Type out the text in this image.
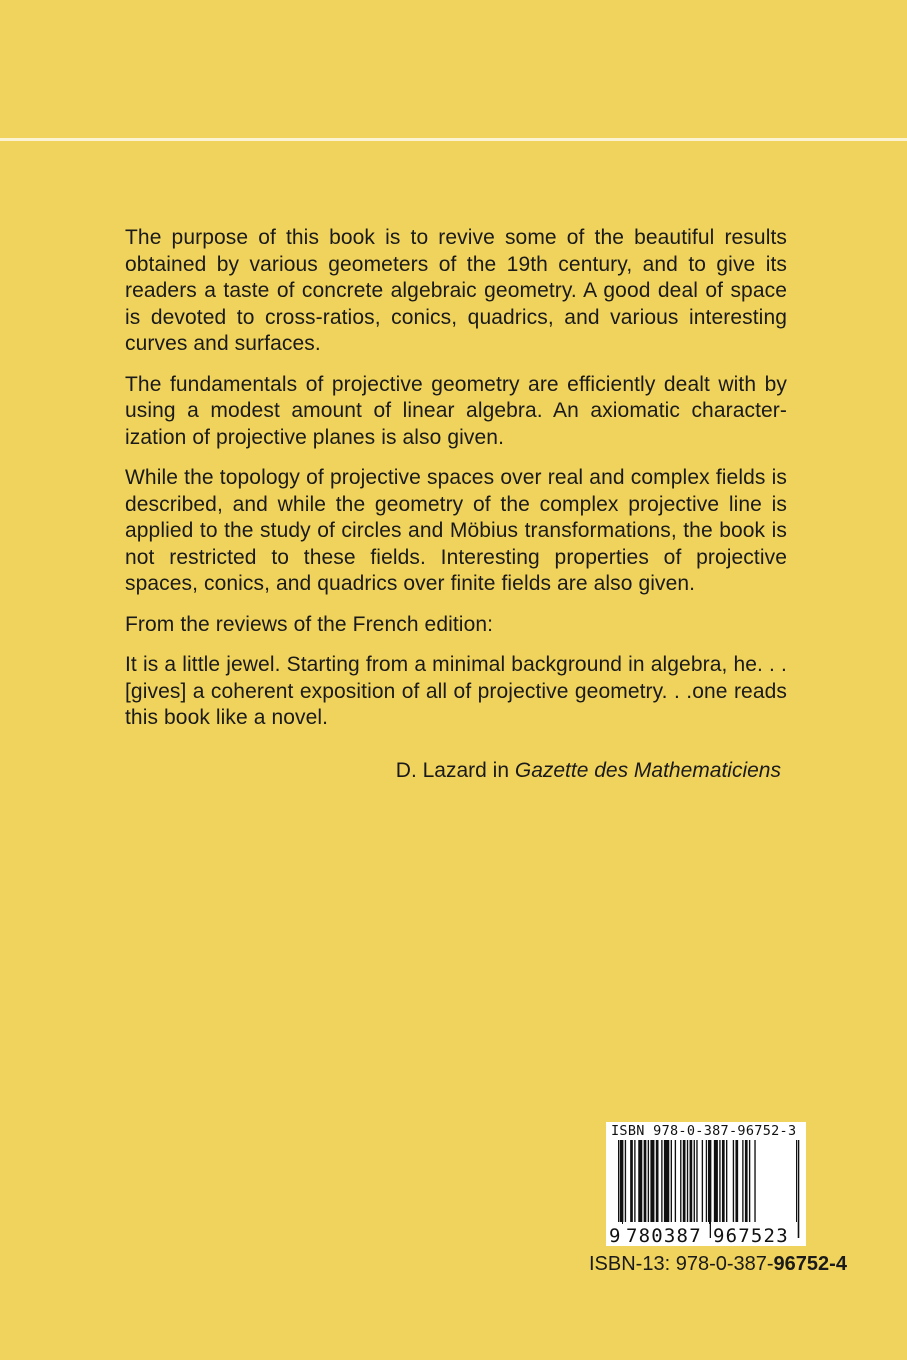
The purpose of this book is to revive some of the beautiful results obtained by various geometers of the 19th century, and to give its readers a taste of concrete algebraic geometry. A good deal of space is devoted to cross-ratios, conics, quadrics, and various interesting curves and surfaces.

The fundamentals of projective geometry are efficiently dealt with by using a modest amount of linear algebra. An axiomatic character-ization of projective planes is also given.

While the topology of projective spaces over real and complex fields is described, and while the geometry of the complex projective line is applied to the study of circles and Möbius transformations, the book is not restricted to these fields. Interesting properties of projective spaces, conics, and quadrics over finite fields are also given.

From the reviews of the French edition:

It is a little jewel. Starting from a minimal background in algebra, he. . . [gives] a coherent exposition of all of projective geometry. . .one reads this book like a novel.

D. Lazard in Gazette des Mathematiciens
9 780387 967523
ISBN 978-0-387-96752-3
ISBN-13: 978-0-387-96752-4
